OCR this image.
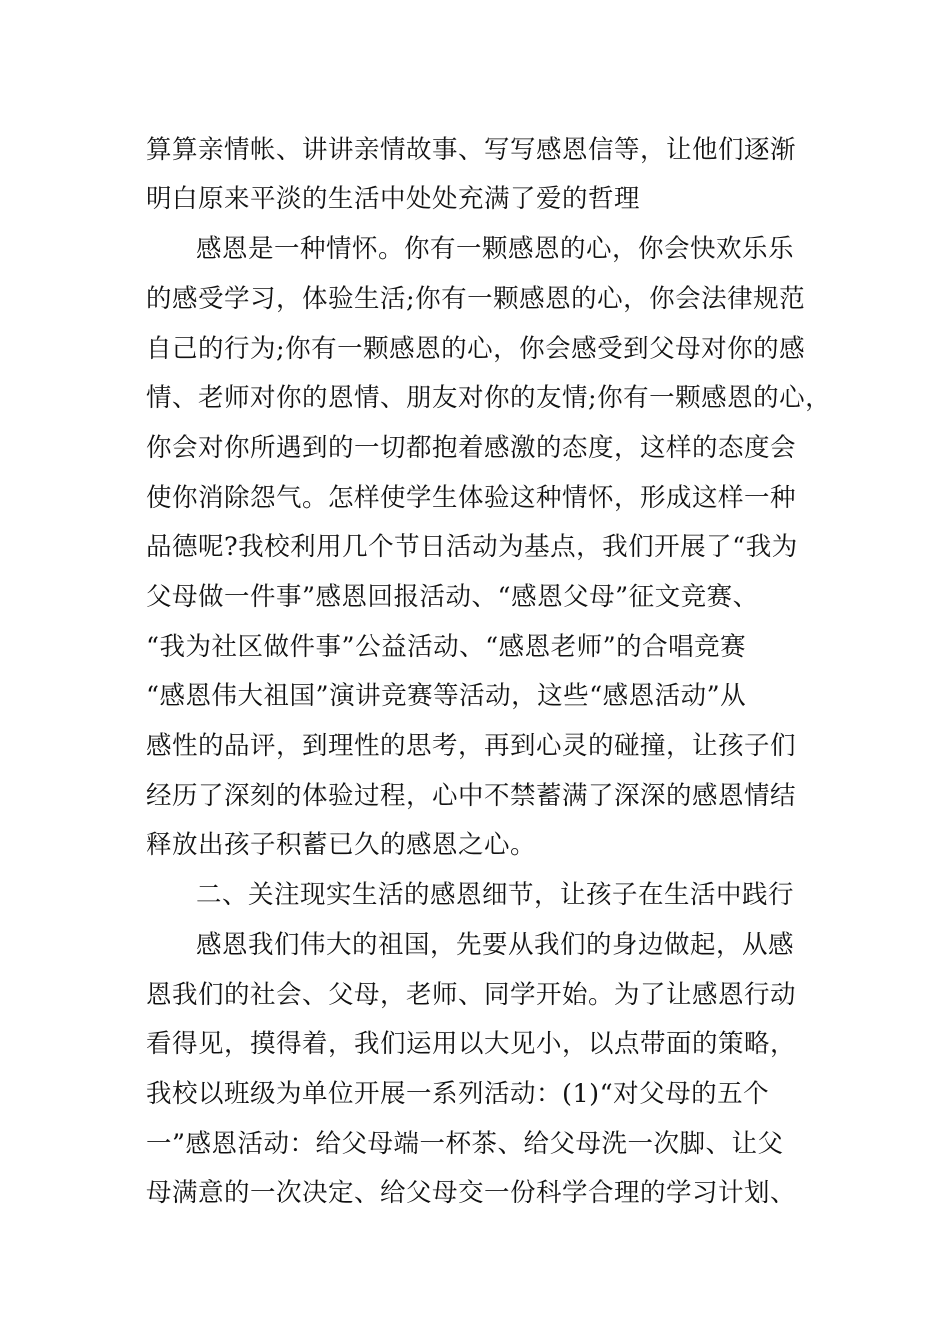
算算亲情帐、讲讲亲情故事、写写感恩信等，让他们逐渐
明白原来平淡的生活中处处充满了爱的哲理
感恩是一种情怀。你有一颗感恩的心，你会快欢乐乐
的感受学习，体验生活;你有一颗感恩的心，你会法律规范
自己的行为;你有一颗感恩的心，你会感受到父母对你的感
情、老师对你的恩情、朋友对你的友情;你有一颗感恩的心，
你会对你所遇到的一切都抱着感激的态度，这样的态度会
使你消除怨气。怎样使学生体验这种情怀，形成这样一种
品德呢?我校利用几个节日活动为基点，我们开展了“我为
父母做一件事”感恩回报活动、“感恩父母”征文竞赛、
“我为社区做件事”公益活动、“感恩老师”的合唱竞赛
“感恩伟大祖国”演讲竞赛等活动，这些“感恩活动”从
感性的品评，到理性的思考，再到心灵的碰撞，让孩子们
经历了深刻的体验过程，心中不禁蓄满了深深的感恩情结
释放出孩子积蓄已久的感恩之心。
二、关注现实生活的感恩细节，让孩子在生活中践行
感恩我们伟大的祖国，先要从我们的身边做起，从感
恩我们的社会、父母，老师、同学开始。为了让感恩行动
看得见，摸得着，我们运用以大见小，以点带面的策略，
我校以班级为单位开展一系列活动：(1)“对父母的五个
一”感恩活动：给父母端一杯茶、给父母洗一次脚、让父
母满意的一次决定、给父母交一份科学合理的学习计划、
